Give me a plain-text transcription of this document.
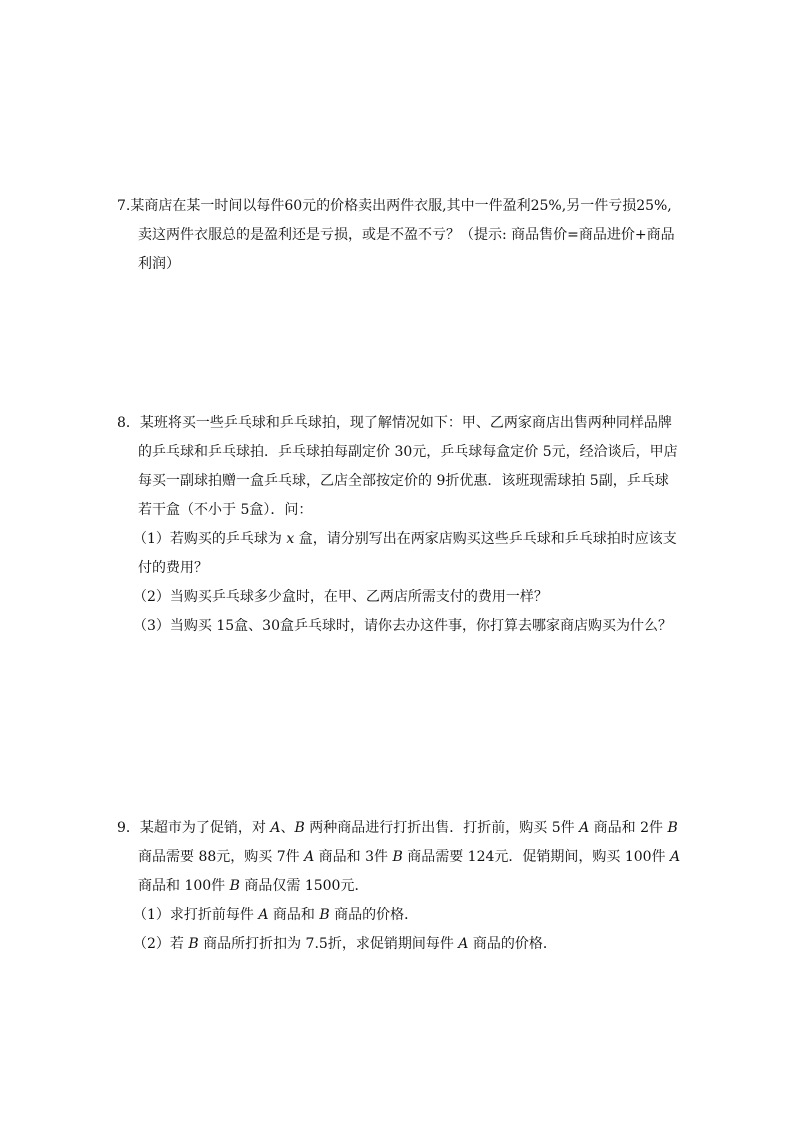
7.某商店在某一时间以每件60元的价格卖出两件衣服,其中一件盈利25%,另一件亏损25%,
卖这两件衣服总的是盈利还是亏损，或是不盈不亏？（提示: 商品售价=商品进价+商品
利润）
8．某班将买一些乒乓球和乒乓球拍，现了解情况如下：甲、乙两家商店出售两种同样品牌
的乒乓球和乒乓球拍．乒乓球拍每副定价 30元，乒乓球每盒定价 5元，经洽谈后，甲店
每买一副球拍赠一盒乒乓球，乙店全部按定价的 9折优惠．该班现需球拍 5副，乒乓球
若干盒（不小于 5盒）．问：
（1）若购买的乒乓球为 x 盒，请分别写出在两家店购买这些乒乓球和乒乓球拍时应该支
付的费用？
（2）当购买乒乓球多少盒时，在甲、乙两店所需支付的费用一样？
（3）当购买 15盒、30盒乒乓球时，请你去办这件事，你打算去哪家商店购买为什么？
9．某超市为了促销，对 A、B 两种商品进行打折出售．打折前，购买 5件 A 商品和 2件 B
商品需要 88元，购买 7件 A 商品和 3件 B 商品需要 124元．促销期间，购买 100件 A
商品和 100件 B 商品仅需 1500元．
（1）求打折前每件 A 商品和 B 商品的价格．
（2）若 B 商品所打折扣为 7.5折，求促销期间每件 A 商品的价格．
